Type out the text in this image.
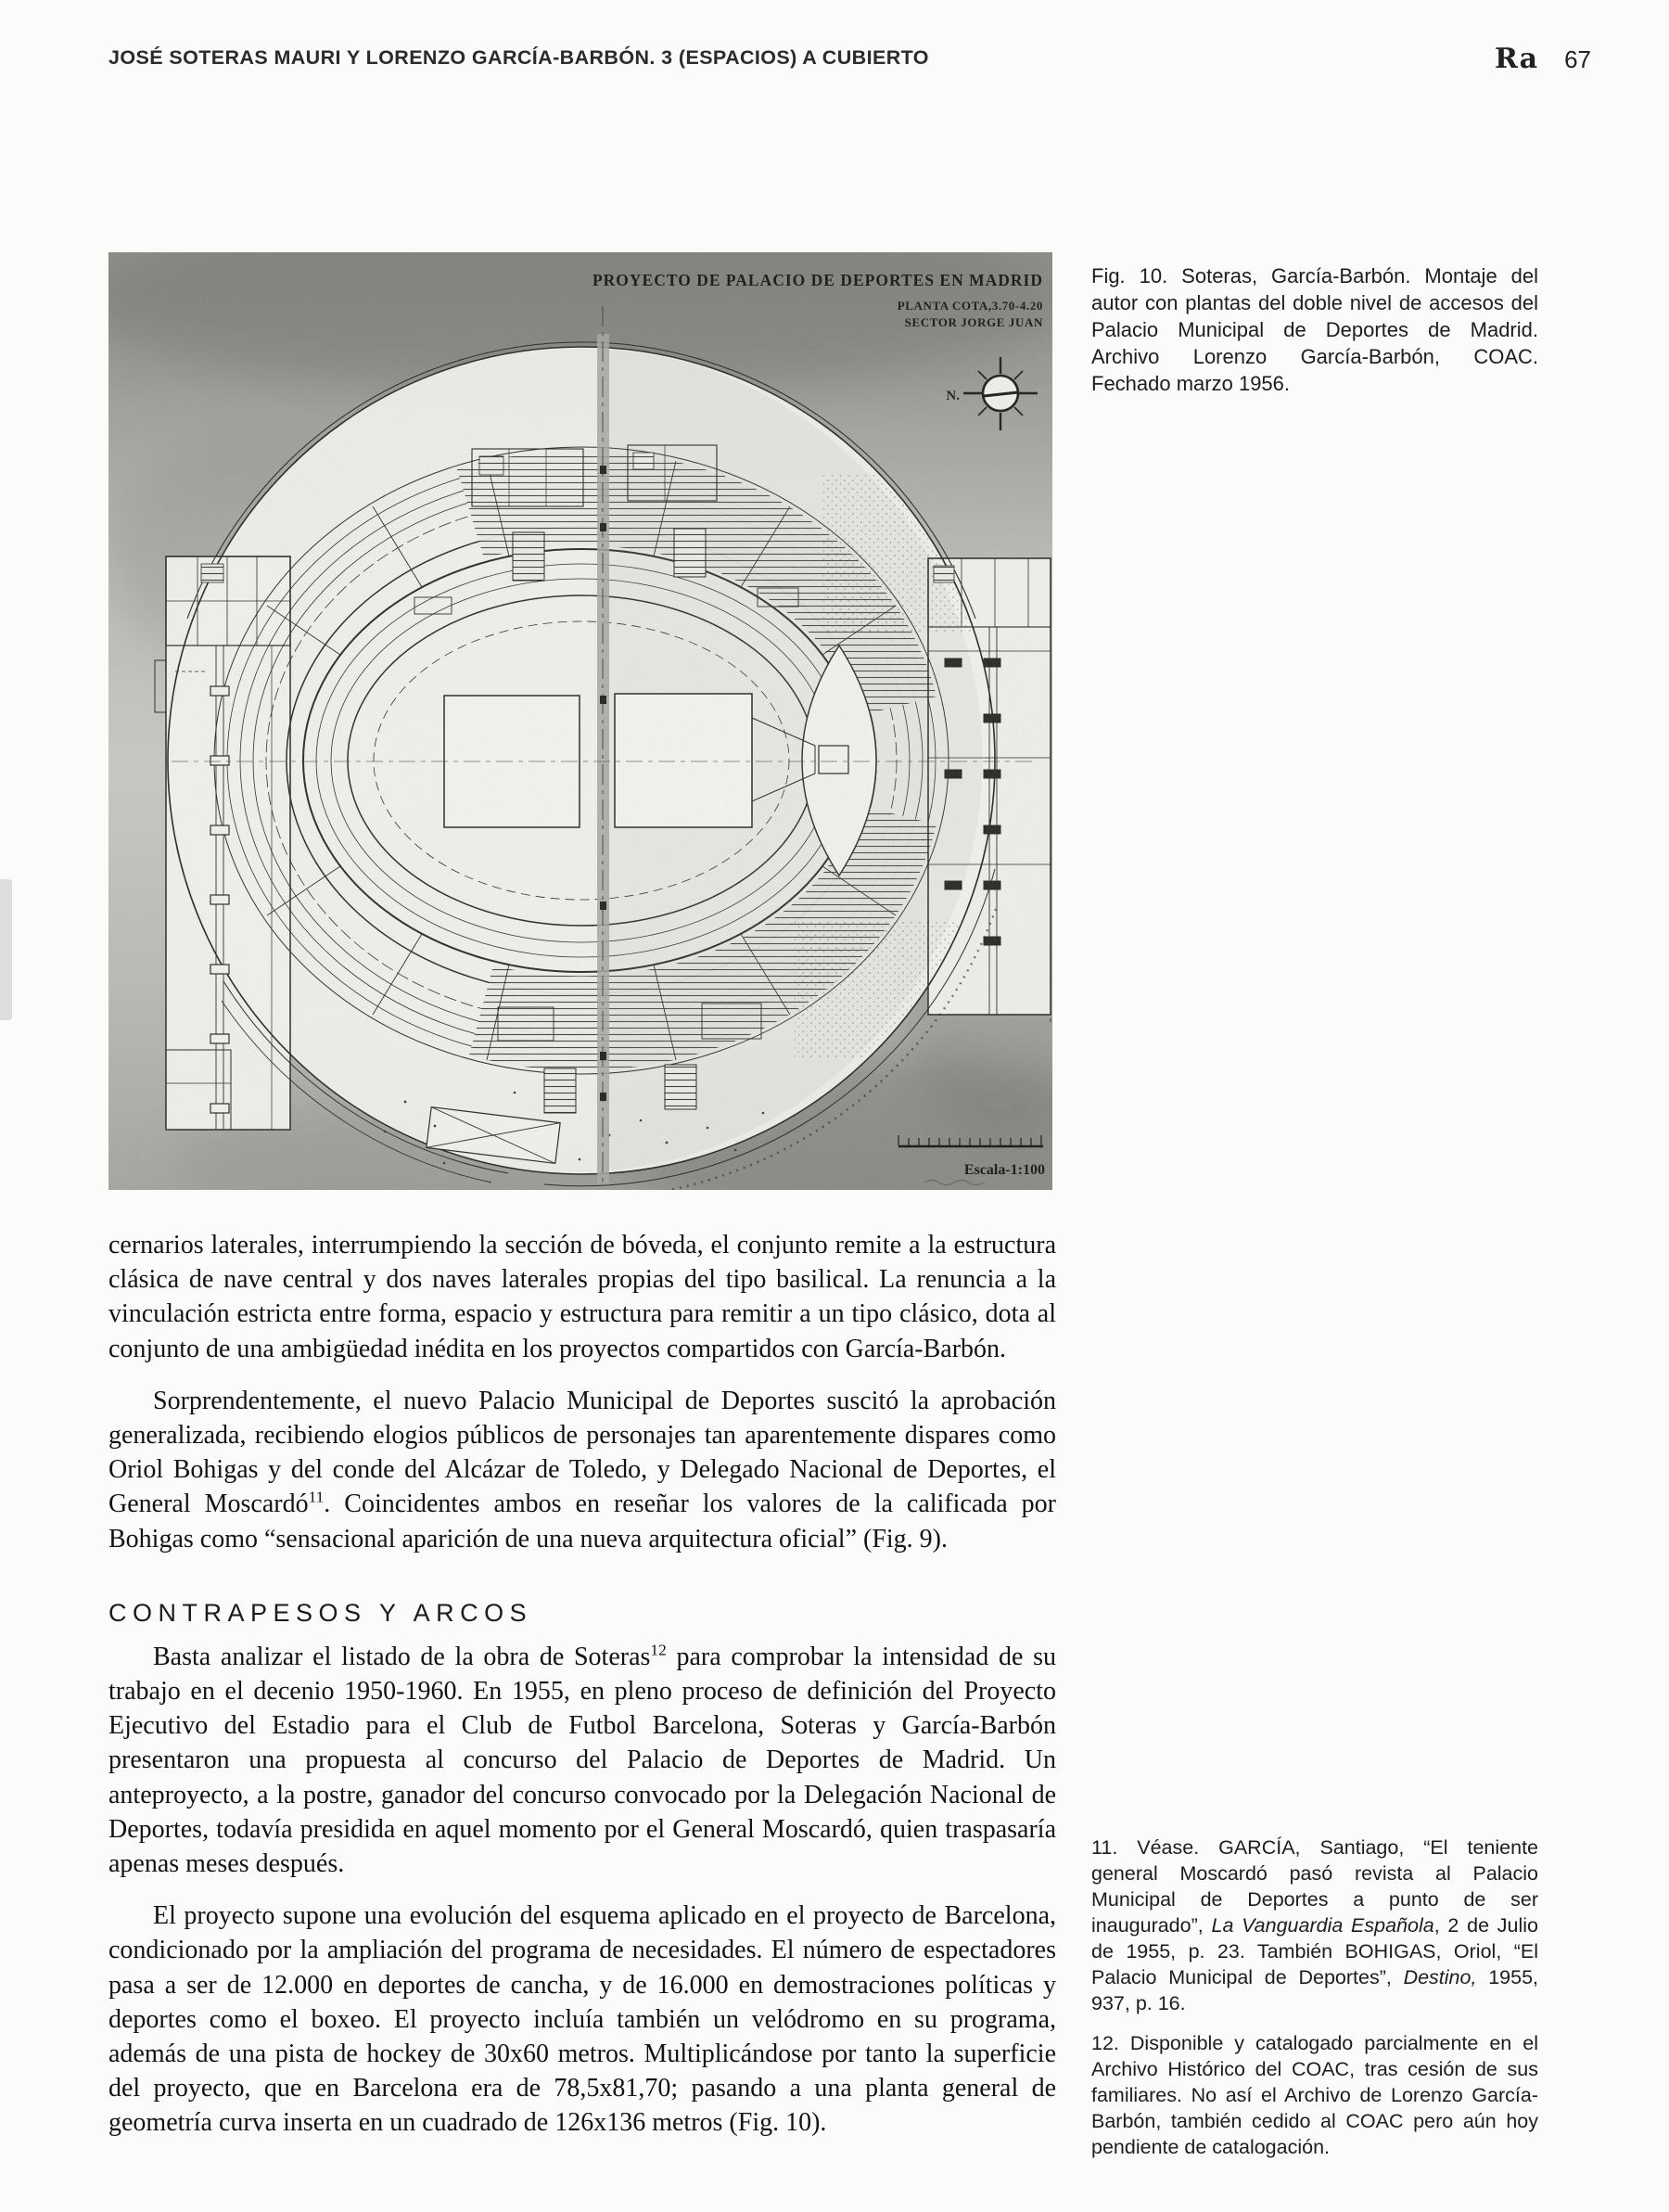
JOSÉ SOTERAS MAURI Y LORENZO GARCÍA-BARBÓN. 3 (ESPACIOS) A CUBIERTO	Ra 67
PROYECTO DE PALACIO DE DEPORTES EN MADRID
PLANTA COTA,3.70-4.20
SECTOR JORGE JUAN
N.
Escala-1:100
Fig. 10. Soteras, García-Barbón. Montaje del autor con plantas del doble nivel de accesos del Palacio Municipal de Deportes de Madrid. Archivo Lorenzo García-Barbón, COAC. Fechado marzo 1956.

cernarios laterales, interrumpiendo la sección de bóveda, el conjunto remite a la estructura clásica de nave central y dos naves laterales propias del tipo basilical. La renuncia a la vinculación estricta entre forma, espacio y estructura para remitir a un tipo clásico, dota al conjunto de una ambigüedad inédita en los proyectos compartidos con García-Barbón.

Sorprendentemente, el nuevo Palacio Municipal de Deportes suscitó la aprobación generalizada, recibiendo elogios públicos de personajes tan aparentemente dispares como Oriol Bohigas y del conde del Alcázar de Toledo, y Delegado Nacional de Deportes, el General Moscardó$^{11}$. Coincidentes ambos en reseñar los valores de la calificada por Bohigas como “sensacional aparición de una nueva arquitectura oficial” (Fig. 9).

CONTRAPESOS Y ARCOS

Basta analizar el listado de la obra de Soteras$^{12}$ para comprobar la intensidad de su trabajo en el decenio 1950-1960. En 1955, en pleno proceso de definición del Proyecto Ejecutivo del Estadio para el Club de Futbol Barcelona, Soteras y García-Barbón presentaron una propuesta al concurso del Palacio de Deportes de Madrid. Un anteproyecto, a la postre, ganador del concurso convocado por la Delegación Nacional de Deportes, todavía presidida en aquel momento por el General Moscardó, quien traspasaría apenas meses después.

El proyecto supone una evolución del esquema aplicado en el proyecto de Barcelona, condicionado por la ampliación del programa de necesidades. El número de espectadores pasa a ser de 12.000 en deportes de cancha, y de 16.000 en demostraciones políticas y deportes como el boxeo. El proyecto incluía también un velódromo en su programa, además de una pista de hockey de 30x60 metros. Multiplicándose por tanto la superficie del proyecto, que en Barcelona era de 78,5x81,70; pasando a una planta general de geometría curva inserta en un cuadrado de 126x136 metros (Fig. 10).

11. Véase. GARCÍA, Santiago, “El teniente general Moscardó pasó revista al Palacio Municipal de Deportes a punto de ser inaugurado”, La Vanguardia Española, 2 de Julio de 1955, p. 23. También BOHIGAS, Oriol, “El Palacio Municipal de Deportes”, Destino, 1955, 937, p. 16.

12. Disponible y catalogado parcialmente en el Archivo Histórico del COAC, tras cesión de sus familiares. No así el Archivo de Lorenzo García-Barbón, también cedido al COAC pero aún hoy pendiente de catalogación.
